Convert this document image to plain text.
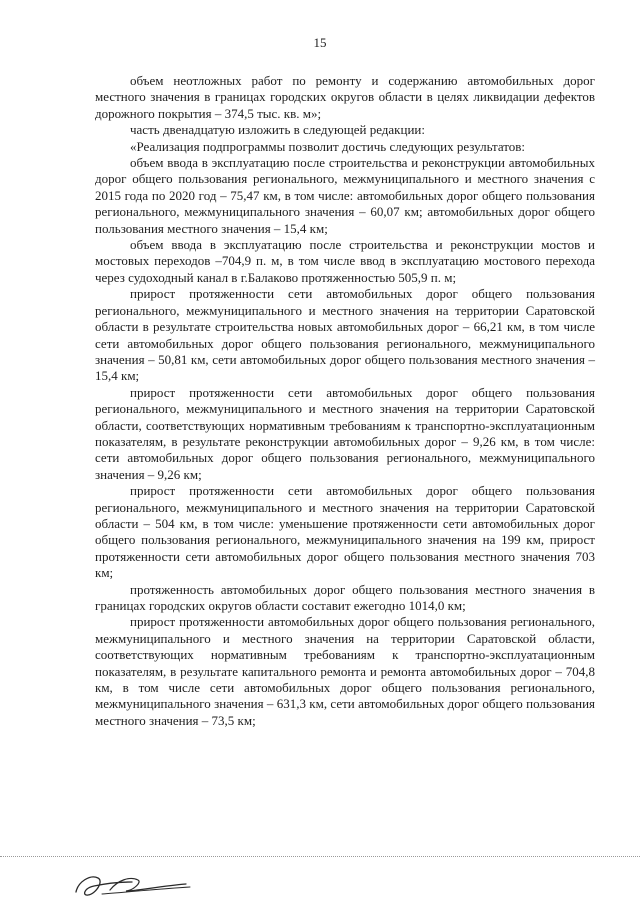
15

объем неотложных работ по ремонту и содержанию автомобильных дорог местного значения в границах городских округов области в целях ликвидации дефектов дорожного покрытия – 374,5 тыс. кв. м»;

часть двенадцатую изложить в следующей редакции:

«Реализация подпрограммы позволит достичь следующих результатов:

объем ввода в эксплуатацию после строительства и реконструкции автомобильных дорог общего пользования регионального, межмуниципального и местного значения с 2015 года по 2020 год – 75,47 км, в том числе: автомобильных дорог общего пользования регионального, межмуниципального значения – 60,07 км; автомобильных дорог общего пользования местного значения – 15,4 км;

объем ввода в эксплуатацию после строительства и реконструкции мостов и мостовых переходов –704,9 п. м, в том числе ввод в эксплуатацию мостового перехода через судоходный канал в г.Балаково протяженностью 505,9 п. м;

прирост протяженности сети автомобильных дорог общего пользования регионального, межмуниципального и местного значения на территории Саратовской области в результате строительства новых автомобильных дорог – 66,21 км, в том числе сети автомобильных дорог общего пользования регионального, межмуниципального значения – 50,81 км, сети автомобильных дорог общего пользования местного значения – 15,4 км;

прирост протяженности сети автомобильных дорог общего пользования регионального, межмуниципального и местного значения на территории Саратовской области, соответствующих нормативным требованиям к транспортно-эксплуатационным показателям, в результате реконструкции автомобильных дорог – 9,26 км, в том числе: сети автомобильных дорог общего пользования регионального, межмуниципального значения – 9,26 км;

прирост протяженности сети автомобильных дорог общего пользования регионального, межмуниципального и местного значения на территории Саратовской области – 504 км, в том числе: уменьшение протяженности сети автомобильных дорог общего пользования регионального, межмуниципального значения на 199 км, прирост протяженности сети автомобильных дорог общего пользования местного значения 703 км;

протяженность автомобильных дорог общего пользования местного значения в границах городских округов области составит ежегодно 1014,0 км;

прирост протяженности автомобильных дорог общего пользования регионального, межмуниципального и местного значения на территории Саратовской области, соответствующих нормативным требованиям к транспортно-эксплуатационным показателям, в результате капитального ремонта и ремонта автомобильных дорог – 704,8 км, в том числе сети автомобильных дорог общего пользования регионального, межмуниципального значения – 631,3 км, сети автомобильных дорог общего пользования местного значения – 73,5 км;
